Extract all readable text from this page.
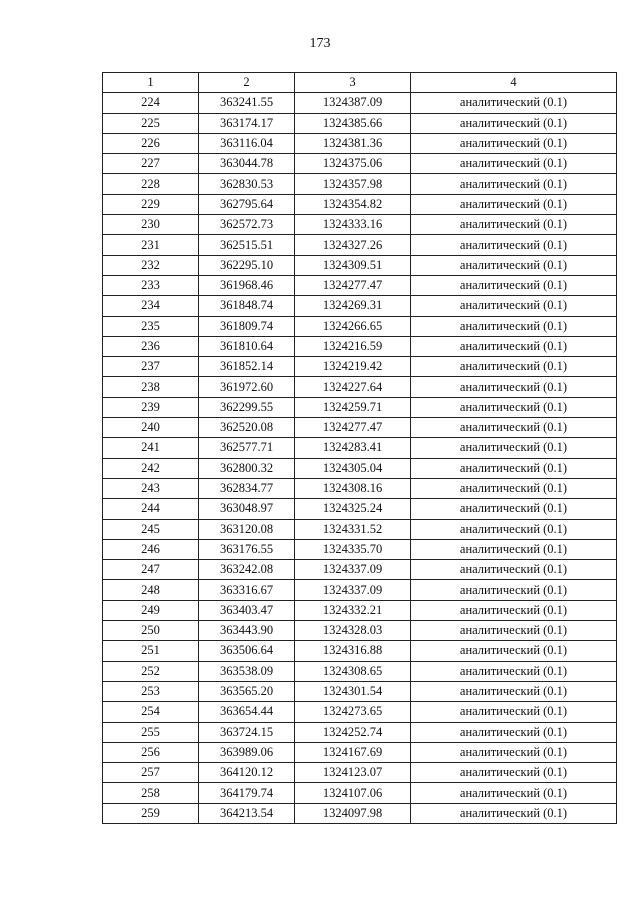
173
1	2	3	4
224	363241.55	1324387.09	аналитический (0.1)
225	363174.17	1324385.66	аналитический (0.1)
226	363116.04	1324381.36	аналитический (0.1)
227	363044.78	1324375.06	аналитический (0.1)
228	362830.53	1324357.98	аналитический (0.1)
229	362795.64	1324354.82	аналитический (0.1)
230	362572.73	1324333.16	аналитический (0.1)
231	362515.51	1324327.26	аналитический (0.1)
232	362295.10	1324309.51	аналитический (0.1)
233	361968.46	1324277.47	аналитический (0.1)
234	361848.74	1324269.31	аналитический (0.1)
235	361809.74	1324266.65	аналитический (0.1)
236	361810.64	1324216.59	аналитический (0.1)
237	361852.14	1324219.42	аналитический (0.1)
238	361972.60	1324227.64	аналитический (0.1)
239	362299.55	1324259.71	аналитический (0.1)
240	362520.08	1324277.47	аналитический (0.1)
241	362577.71	1324283.41	аналитический (0.1)
242	362800.32	1324305.04	аналитический (0.1)
243	362834.77	1324308.16	аналитический (0.1)
244	363048.97	1324325.24	аналитический (0.1)
245	363120.08	1324331.52	аналитический (0.1)
246	363176.55	1324335.70	аналитический (0.1)
247	363242.08	1324337.09	аналитический (0.1)
248	363316.67	1324337.09	аналитический (0.1)
249	363403.47	1324332.21	аналитический (0.1)
250	363443.90	1324328.03	аналитический (0.1)
251	363506.64	1324316.88	аналитический (0.1)
252	363538.09	1324308.65	аналитический (0.1)
253	363565.20	1324301.54	аналитический (0.1)
254	363654.44	1324273.65	аналитический (0.1)
255	363724.15	1324252.74	аналитический (0.1)
256	363989.06	1324167.69	аналитический (0.1)
257	364120.12	1324123.07	аналитический (0.1)
258	364179.74	1324107.06	аналитический (0.1)
259	364213.54	1324097.98	аналитический (0.1)
